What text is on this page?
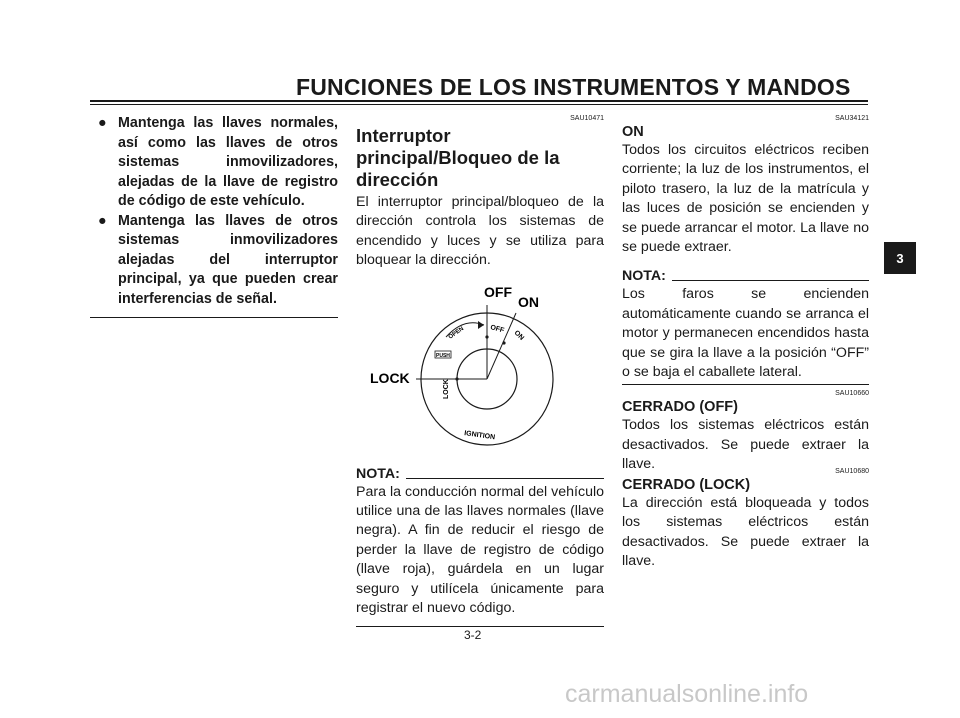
FUNCIONES DE LOS INSTRUMENTOS Y MANDOS
● Mantenga las llaves normales, así como las llaves de otros sistemas inmovilizadores, alejadas de la llave de registro de código de este vehículo.
● Mantenga las llaves de otros sistemas inmovilizadores alejadas del interruptor principal, ya que pueden crear interferencias de señal.
SAU10471
Interruptor principal/Bloqueo de la dirección
El interruptor principal/bloqueo de la dirección controla los sistemas de encendido y luces y se utiliza para bloquear la dirección.
OFF
ON
LOCK
OFF
ON
OPEN
PUSH
LOCK
IGNITION
NOTA:
Para la conducción normal del vehículo utilice una de las llaves normales (llave negra). A fin de reducir el riesgo de perder la llave de registro de código (llave roja), guárdela en un lugar seguro y utilícela únicamente para registrar el nuevo código.
SAU34121
ON
Todos los circuitos eléctricos reciben corriente; la luz de los instrumentos, el piloto trasero, la luz de la matrícula y las luces de posición se encienden y se puede arrancar el motor. La llave no se puede extraer.
NOTA:
Los faros se encienden automáticamente cuando se arranca el motor y permanecen encendidos hasta que se gira la llave a la posición “OFF” o se baja el caballete lateral.
SAU10660
CERRADO (OFF)
Todos los sistemas eléctricos están desactivados. Se puede extraer la llave.	SAU10680
CERRADO (LOCK)
La dirección está bloqueada y todos los sistemas eléctricos están desactivados. Se puede extraer la llave.
3
3-2
carmanualsonline.info
